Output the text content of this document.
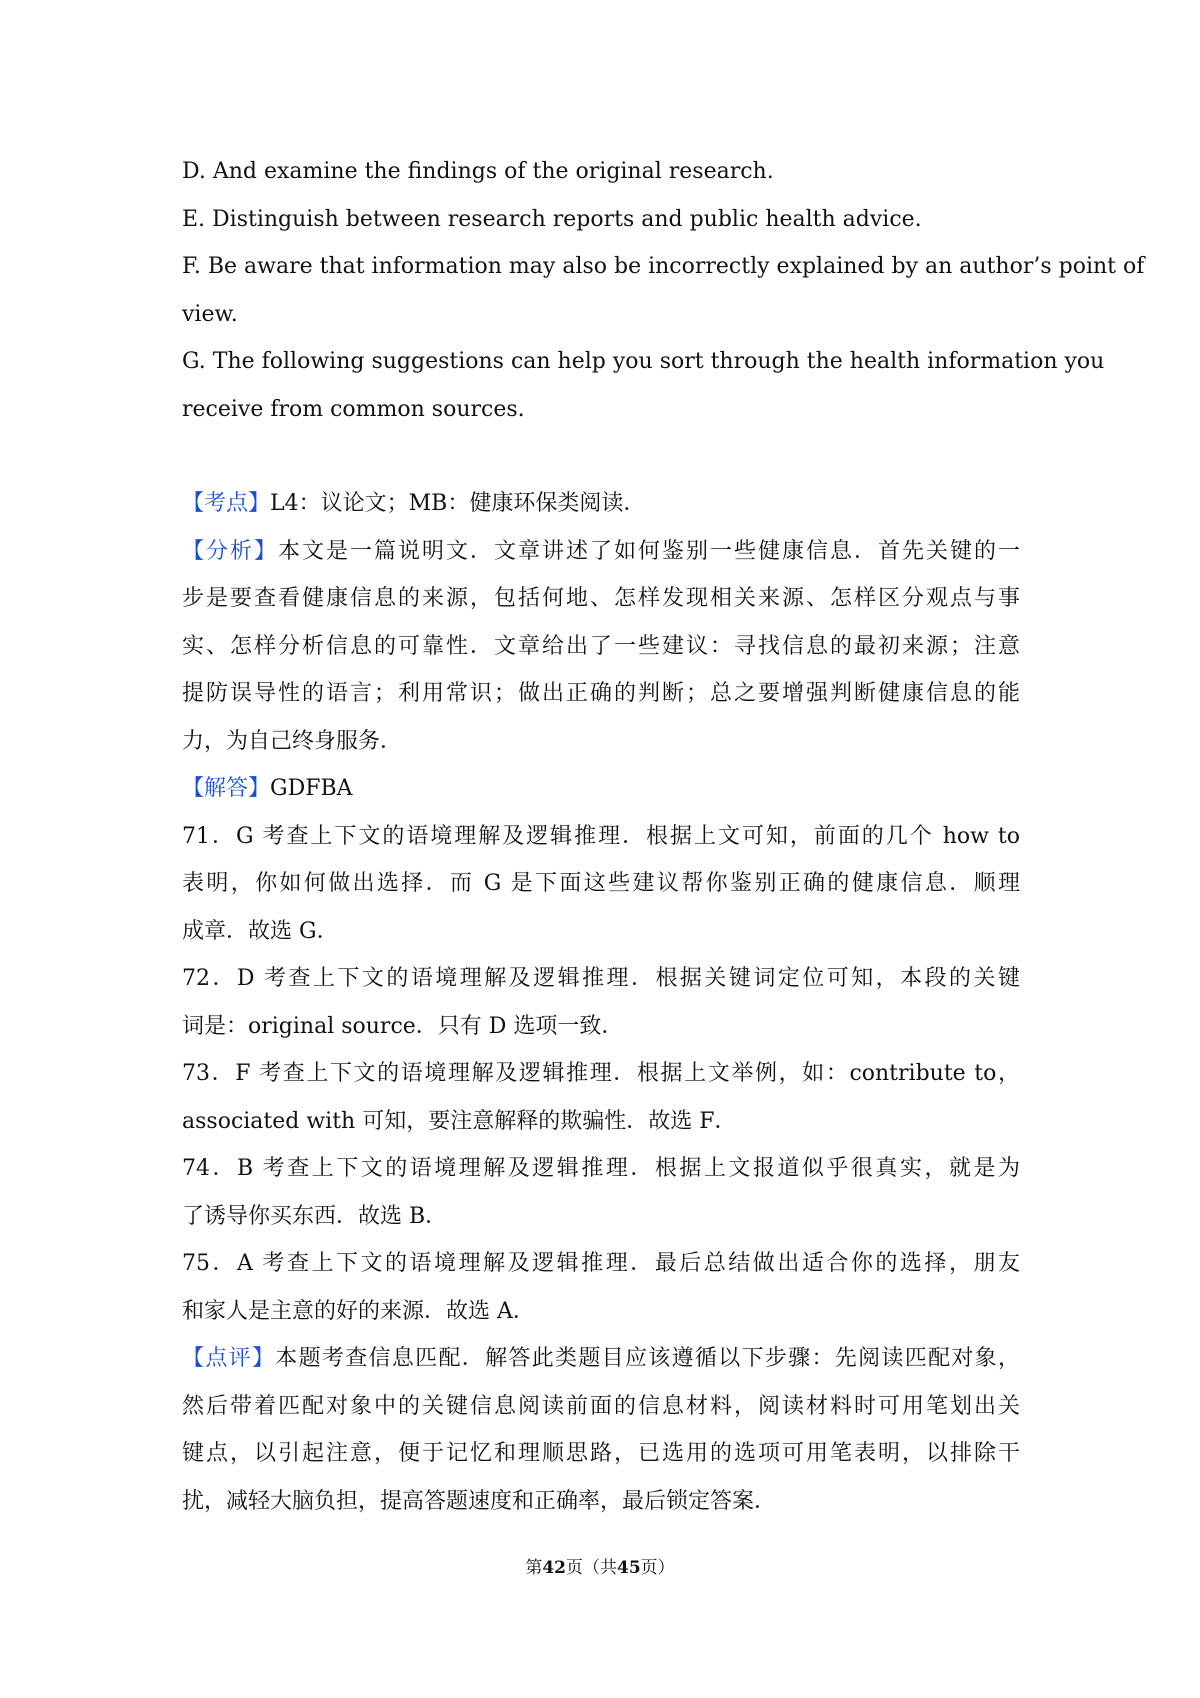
D. And examine the findings of the original research.
E. Distinguish between research reports and public health advice.
F. Be aware that information may also be incorrectly explained by an author’s point of
view.
G. The following suggestions can help you sort through the health information you
receive from common sources.
【考点】L4：议论文；MB：健康环保类阅读．
【分析】本文是一篇说明文．文章讲述了如何鉴别一些健康信息．首先关键的一
步是要查看健康信息的来源，包括何地、怎样发现相关来源、怎样区分观点与事
实、怎样分析信息的可靠性．文章给出了一些建议：寻找信息的最初来源；注意
提防误导性的语言；利用常识；做出正确的判断；总之要增强判断健康信息的能
力，为自己终身服务．
【解答】GDFBA
71．G 考查上下文的语境理解及逻辑推理．根据上文可知，前面的几个 how to
表明，你如何做出选择．而 G 是下面这些建议帮你鉴别正确的健康信息．顺理
成章．故选 G．
72．D 考查上下文的语境理解及逻辑推理．根据关键词定位可知，本段的关键
词是：original source．只有 D 选项一致．
73．F 考查上下文的语境理解及逻辑推理．根据上文举例，如：contribute to，
associated with 可知，要注意解释的欺骗性．故选 F．
74．B 考查上下文的语境理解及逻辑推理．根据上文报道似乎很真实，就是为
了诱导你买东西．故选 B．
75．A 考查上下文的语境理解及逻辑推理．最后总结做出适合你的选择，朋友
和家人是主意的好的来源．故选 A．
【点评】本题考查信息匹配．解答此类题目应该遵循以下步骤：先阅读匹配对象，
然后带着匹配对象中的关键信息阅读前面的信息材料，阅读材料时可用笔划出关
键点，以引起注意，便于记忆和理顺思路，已选用的选项可用笔表明，以排除干
扰，减轻大脑负担，提高答题速度和正确率，最后锁定答案．
第42页（共45页）
